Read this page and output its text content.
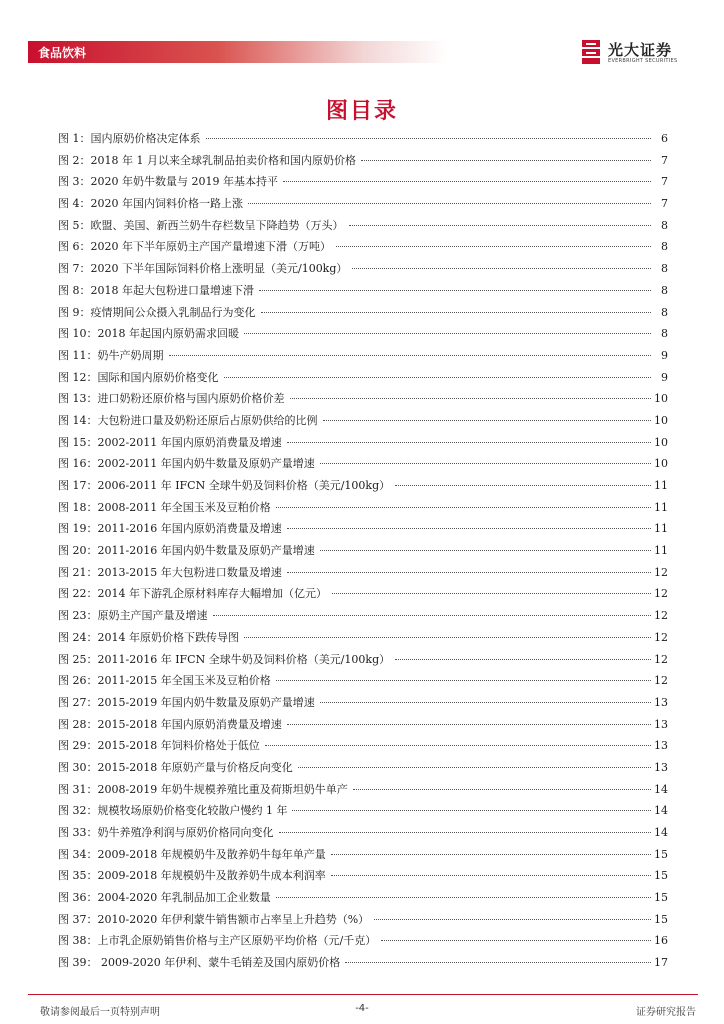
食品饮料	光大证券
EVERBRIGHT SECURITIES
图目录
图 1：国内原奶价格决定体系	6
图 2：2018 年 1 月以来全球乳制品拍卖价格和国内原奶价格	7
图 3：2020 年奶牛数量与 2019 年基本持平	7
图 4：2020 年国内饲料价格一路上涨	7
图 5：欧盟、美国、新西兰奶牛存栏数呈下降趋势（万头）	8
图 6：2020 年下半年原奶主产国产量增速下滑（万吨）	8
图 7：2020 下半年国际饲料价格上涨明显（美元/100kg）	8
图 8：2018 年起大包粉进口量增速下滑	8
图 9：疫情期间公众摄入乳制品行为变化	8
图 10：2018 年起国内原奶需求回暖	8
图 11：奶牛产奶周期	9
图 12：国际和国内原奶价格变化	9
图 13：进口奶粉还原价格与国内原奶价格价差	10
图 14：大包粉进口量及奶粉还原后占原奶供给的比例	10
图 15：2002-2011 年国内原奶消费量及增速	10
图 16：2002-2011 年国内奶牛数量及原奶产量增速	10
图 17：2006-2011 年 IFCN 全球牛奶及饲料价格（美元/100kg）	11
图 18：2008-2011 年全国玉米及豆粕价格	11
图 19：2011-2016 年国内原奶消费量及增速	11
图 20：2011-2016 年国内奶牛数量及原奶产量增速	11
图 21：2013-2015 年大包粉进口数量及增速	12
图 22：2014 年下游乳企原材料库存大幅增加（亿元）	12
图 23：原奶主产国产量及增速	12
图 24：2014 年原奶价格下跌传导图	12
图 25：2011-2016 年 IFCN 全球牛奶及饲料价格（美元/100kg）	12
图 26：2011-2015 年全国玉米及豆粕价格	12
图 27：2015-2019 年国内奶牛数量及原奶产量增速	13
图 28：2015-2018 年国内原奶消费量及增速	13
图 29：2015-2018 年饲料价格处于低位	13
图 30：2015-2018 年原奶产量与价格反向变化	13
图 31：2008-2019 年奶牛规模养殖比重及荷斯坦奶牛单产	14
图 32：规模牧场原奶价格变化较散户慢约 1 年	14
图 33：奶牛养殖净利润与原奶价格同向变化	14
图 34：2009-2018 年规模奶牛及散养奶牛每年单产量	15
图 35：2009-2018 年规模奶牛及散养奶牛成本利润率	15
图 36：2004-2020 年乳制品加工企业数量	15
图 37：2010-2020 年伊利蒙牛销售额市占率呈上升趋势（%）	15
图 38：上市乳企原奶销售价格与主产区原奶平均价格（元/千克）	16
图 39： 2009-2020 年伊利、蒙牛毛销差及国内原奶价格	17
敬请参阅最后一页特别声明	-4-	证券研究报告
